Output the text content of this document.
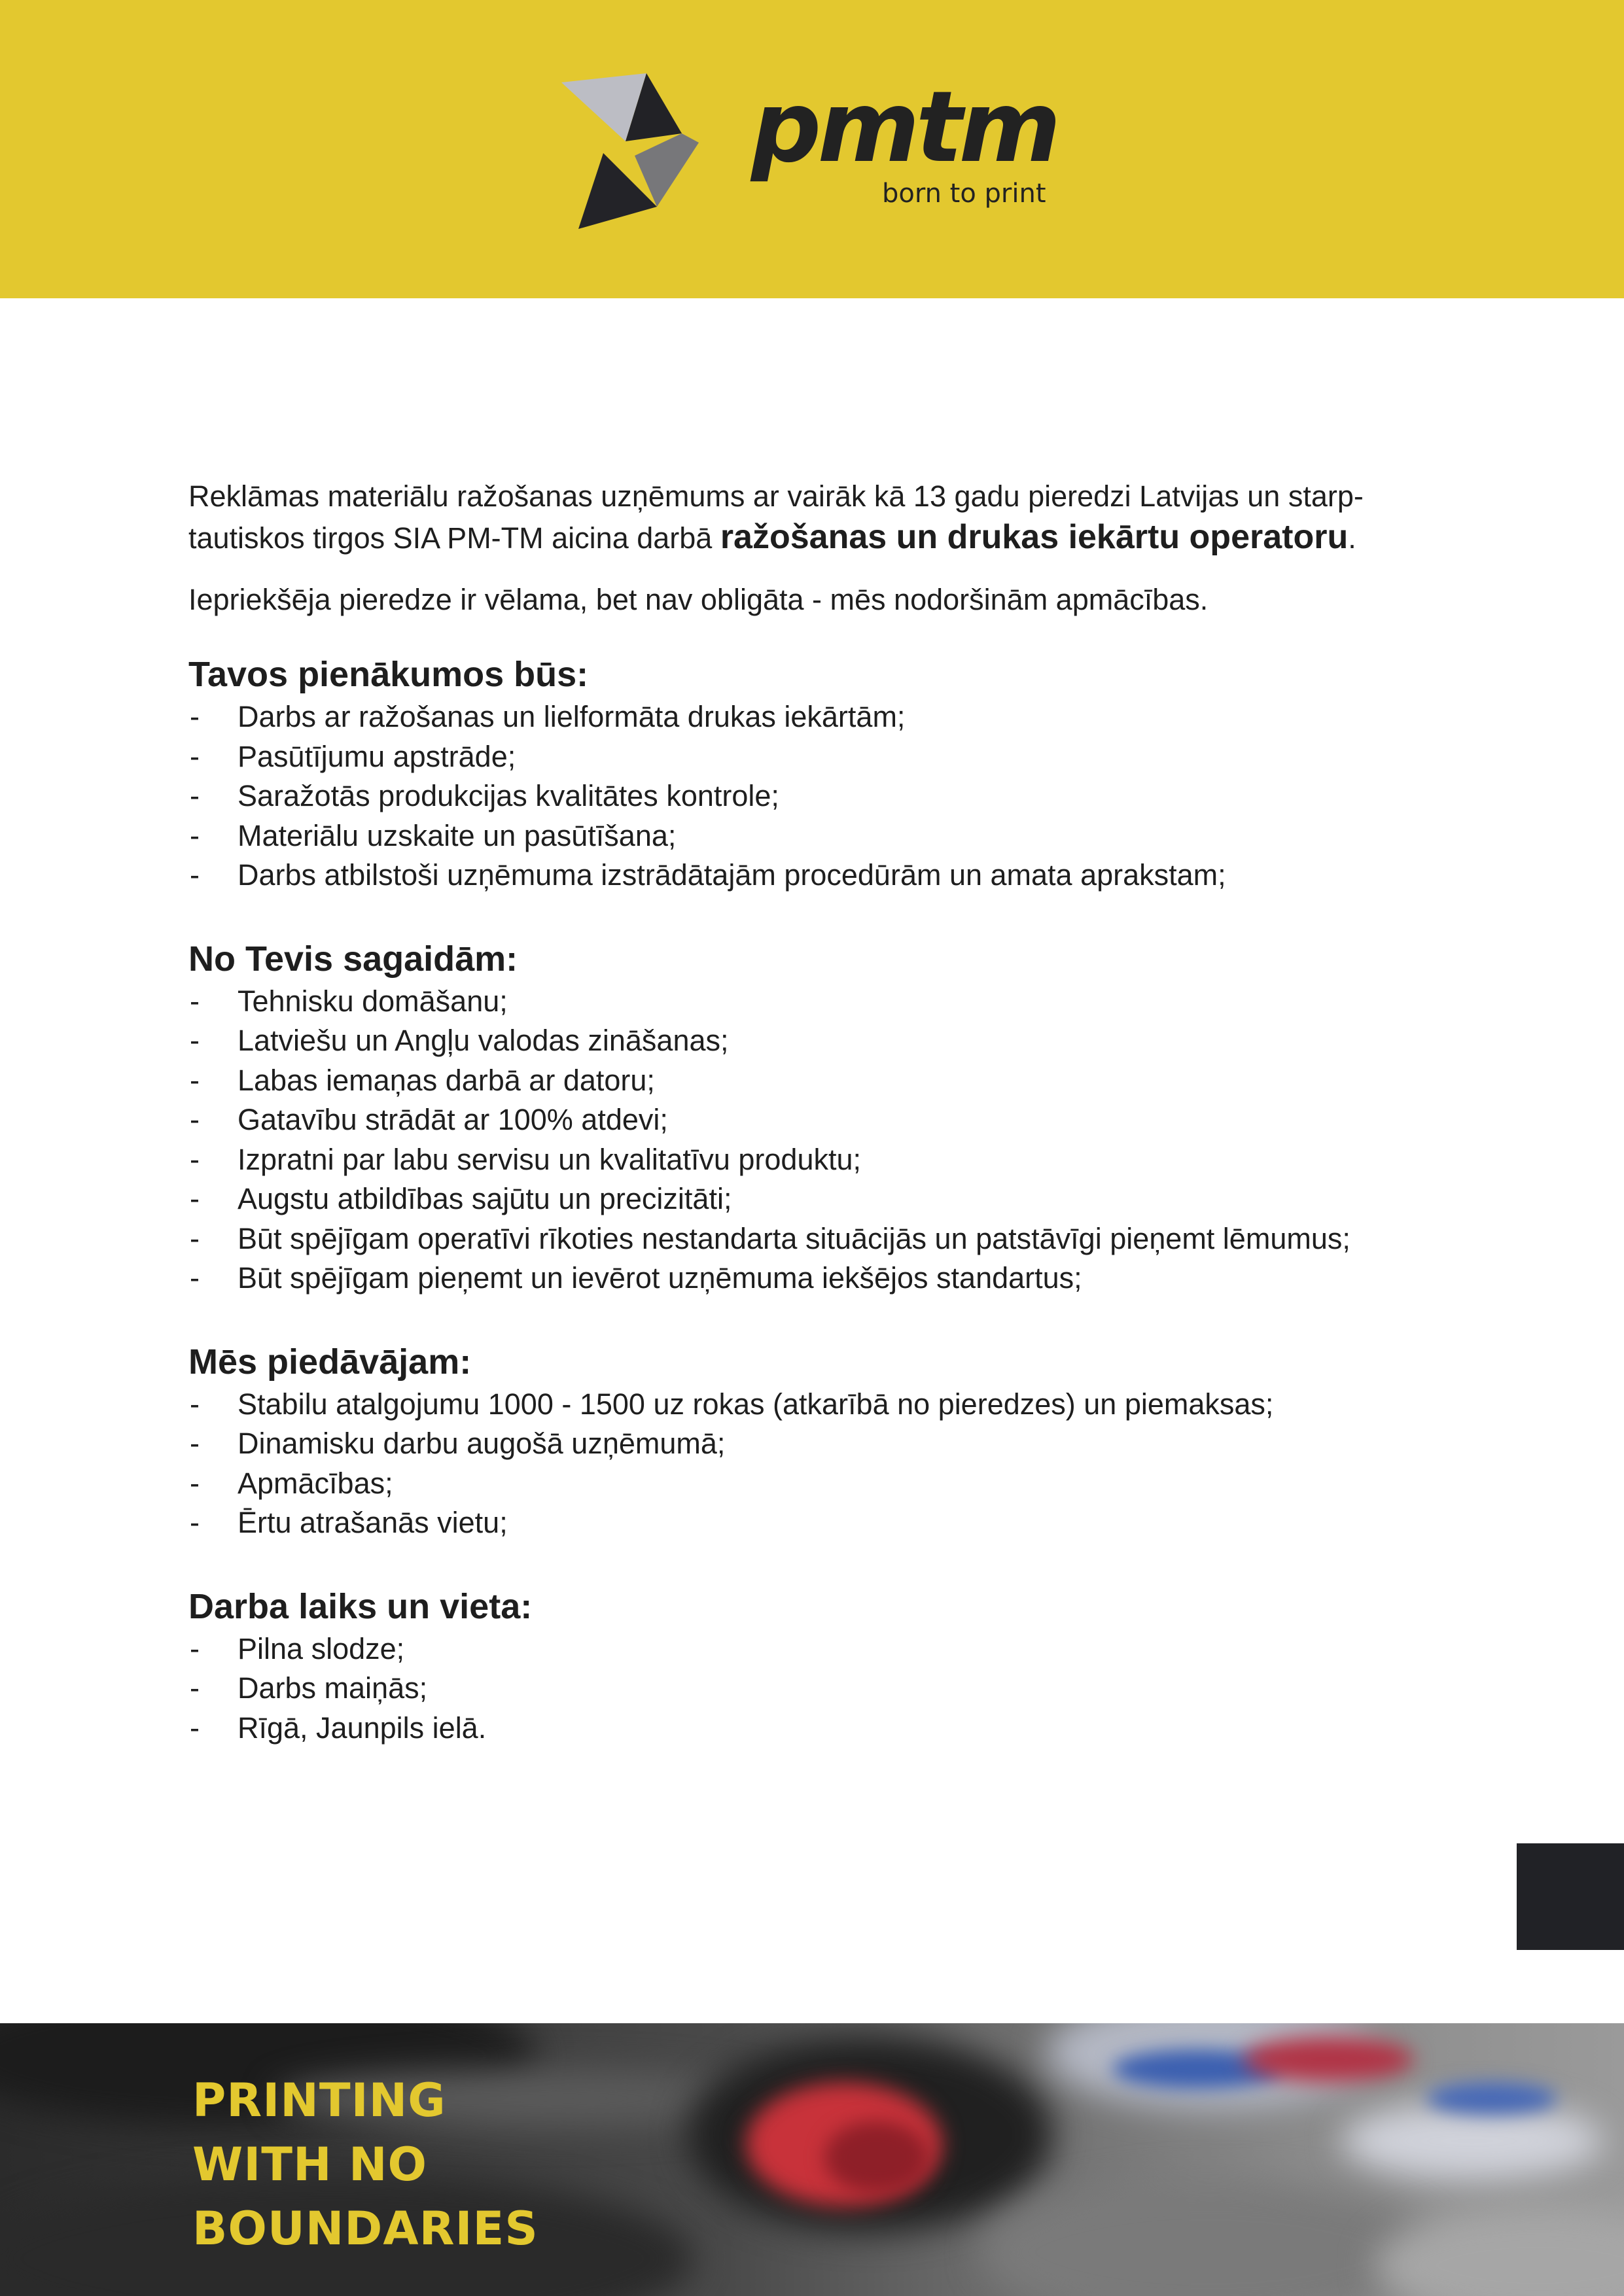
pmtm
born to print

Reklāmas materiālu ražošanas uzņēmums ar vairāk kā 13 gadu pieredzi Latvijas un starp-
tautiskos tirgos SIA PM-TM aicina darbā ražošanas un drukas iekārtu operatoru.

Iepriekšēja pieredze ir vēlama, bet nav obligāta - mēs nodoršinām apmācības.

Tavos pienākumos būs:
- Darbs ar ražošanas un lielformāta drukas iekārtām;
- Pasūtījumu apstrāde;
- Saražotās produkcijas kvalitātes kontrole;
- Materiālu uzskaite un pasūtīšana;
- Darbs atbilstoši uzņēmuma izstrādātajām procedūrām un amata aprakstam;
No Tevis sagaidām:
- Tehnisku domāšanu;
- Latviešu un Angļu valodas zināšanas;
- Labas iemaņas darbā ar datoru;
- Gatavību strādāt ar 100% atdevi;
- Izpratni par labu servisu un kvalitatīvu produktu;
- Augstu atbildības sajūtu un precizitāti;
- Būt spējīgam operatīvi rīkoties nestandarta situācijās un patstāvīgi pieņemt lēmumus;
- Būt spējīgam pieņemt un ievērot uzņēmuma iekšējos standartus;
Mēs piedāvājam:
- Stabilu atalgojumu 1000 - 1500 uz rokas (atkarībā no pieredzes) un piemaksas;
- Dinamisku darbu augošā uzņēmumā;
- Apmācības;
- Ērtu atrašanās vietu;
Darba laiks un vieta:
- Pilna slodze;
- Darbs maiņās;
- Rīgā, Jaunpils ielā.
PRINTING
WITH NO
BOUNDARIES
